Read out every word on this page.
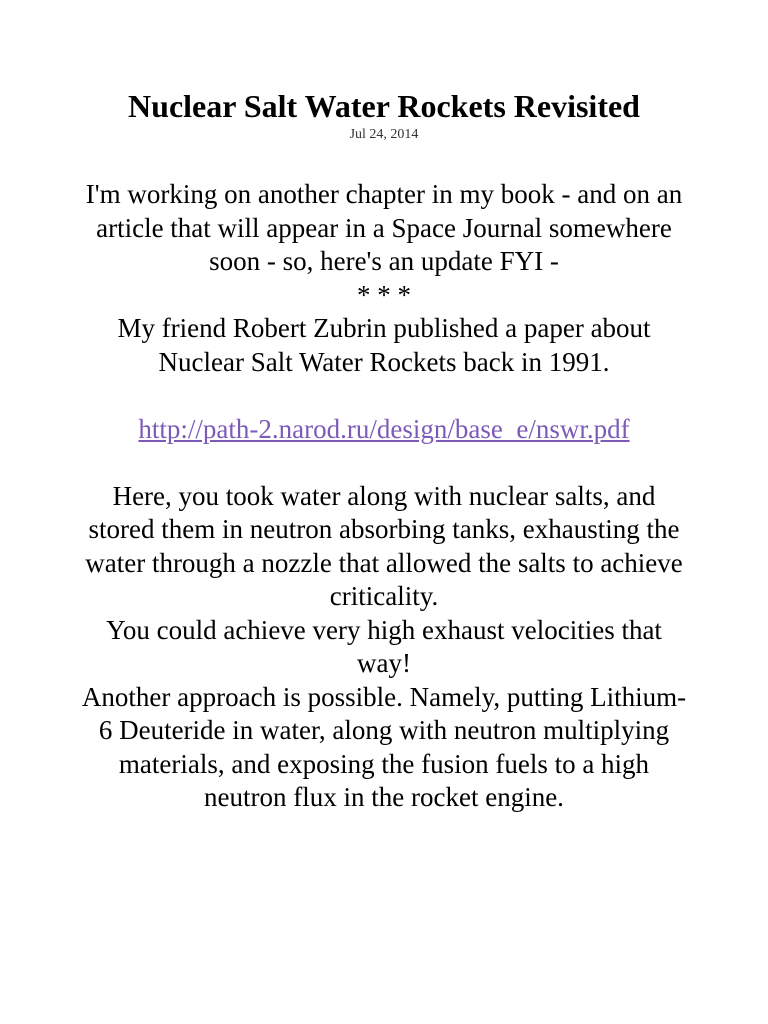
Nuclear Salt Water Rockets Revisited
Jul 24, 2014

I'm working on another chapter in my book - and on an article that will appear in a Space Journal somewhere soon - so, here's an update FYI -

* * *

My friend Robert Zubrin published a paper about Nuclear Salt Water Rockets back in 1991.

http://path-2.narod.ru/design/base_e/nswr.pdf

Here, you took water along with nuclear salts, and stored them in neutron absorbing tanks, exhausting the water through a nozzle that allowed the salts to achieve criticality.

You could achieve very high exhaust velocities that way!

Another approach is possible. Namely, putting Lithium-6 Deuteride in water, along with neutron multiplying materials, and exposing the fusion fuels to a high neutron flux in the rocket engine.
